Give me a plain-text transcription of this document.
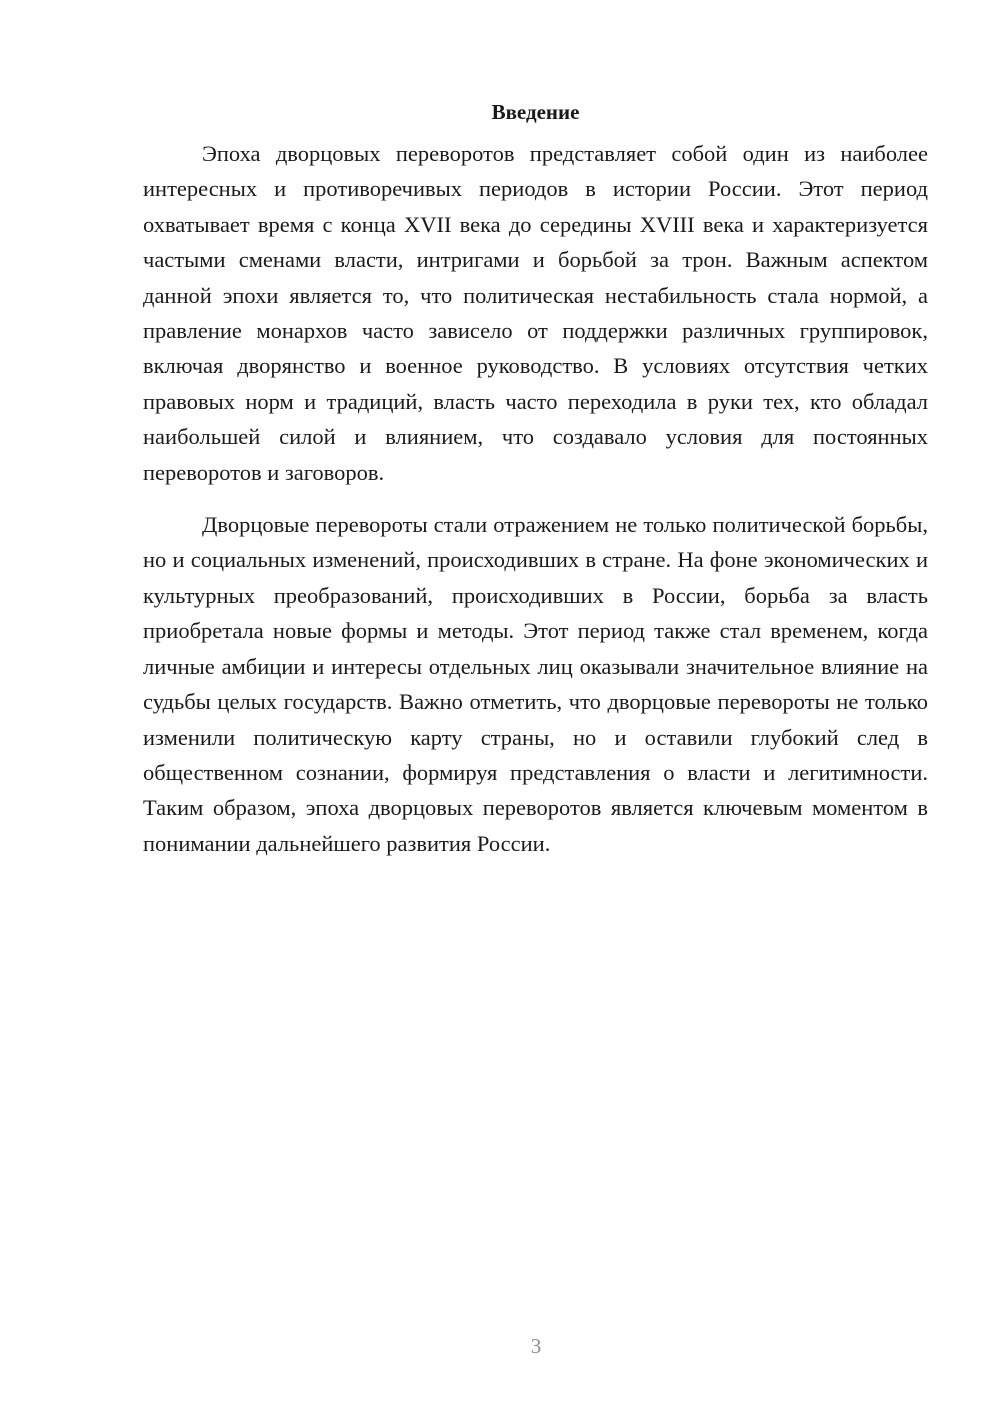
Введение

Эпоха дворцовых переворотов представляет собой один из наиболее интересных и противоречивых периодов в истории России. Этот период охватывает время с конца XVII века до середины XVIII века и характеризуется частыми сменами власти, интригами и борьбой за трон. Важным аспектом данной эпохи является то, что политическая нестабильность стала нормой, а правление монархов часто зависело от поддержки различных группировок, включая дворянство и военное руководство. В условиях отсутствия четких правовых норм и традиций, власть часто переходила в руки тех, кто обладал наибольшей силой и влиянием, что создавало условия для постоянных переворотов и заговоров.

Дворцовые перевороты стали отражением не только политической борьбы, но и социальных изменений, происходивших в стране. На фоне экономических и культурных преобразований, происходивших в России, борьба за власть приобретала новые формы и методы. Этот период также стал временем, когда личные амбиции и интересы отдельных лиц оказывали значительное влияние на судьбы целых государств. Важно отметить, что дворцовые перевороты не только изменили политическую карту страны, но и оставили глубокий след в общественном сознании, формируя представления о власти и легитимности. Таким образом, эпоха дворцовых переворотов является ключевым моментом в понимании дальнейшего развития России.

3
